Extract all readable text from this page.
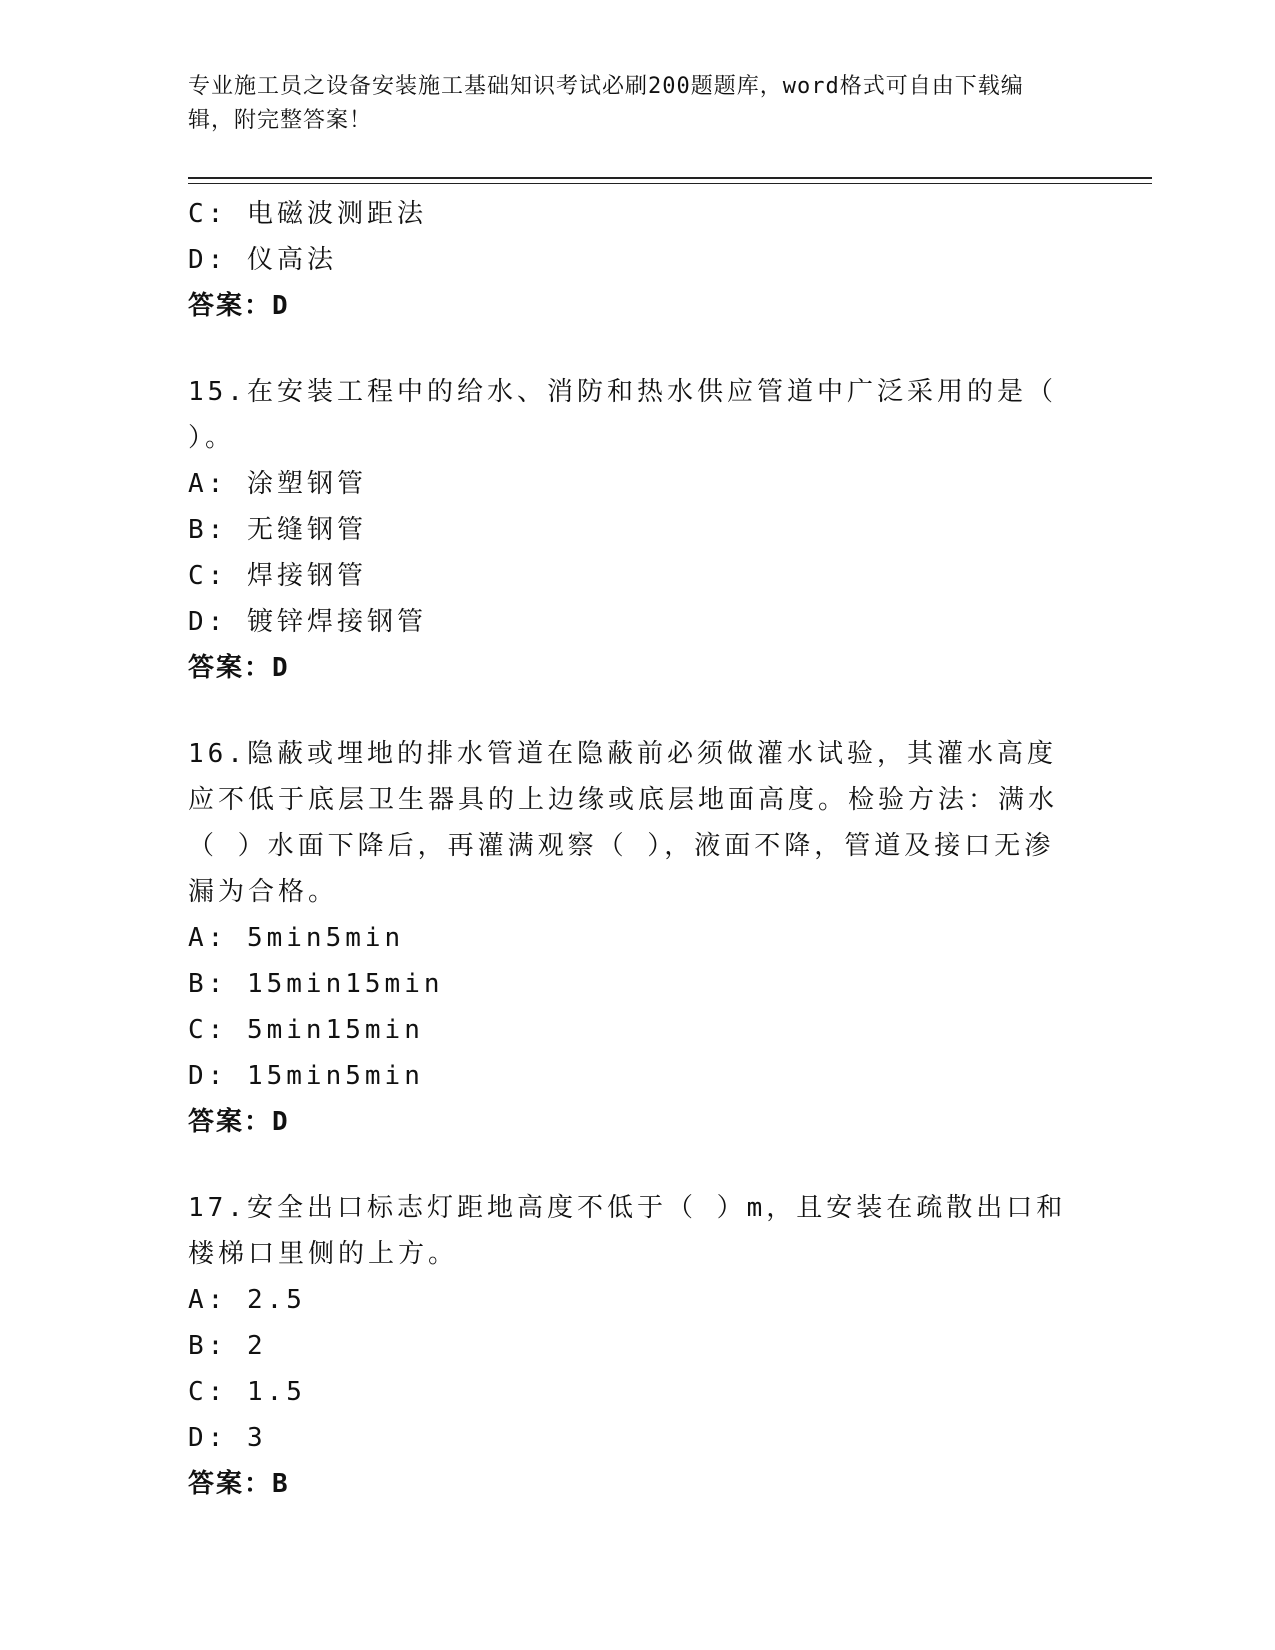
专业施工员之设备安装施工基础知识考试必刷200题题库，word格式可自由下载编辑，附完整答案！
C: 电磁波测距法
D: 仪高法
答案：D
15.在安装工程中的给水、消防和热水供应管道中广泛采用的是（ ）。
A: 涂塑钢管
B: 无缝钢管
C: 焊接钢管
D: 镀锌焊接钢管
答案：D
16.隐蔽或埋地的排水管道在隐蔽前必须做灌水试验，其灌水高度应不低于底层卫生器具的上边缘或底层地面高度。检验方法：满水（ ）水面下降后，再灌满观察（ ），液面不降，管道及接口无渗漏为合格。
A: 5min5min
B: 15min15min
C: 5min15min
D: 15min5min
答案：D
17.安全出口标志灯距地高度不低于（ ）m，且安装在疏散出口和楼梯口里侧的上方。
A: 2.5
B: 2
C: 1.5
D: 3
答案：B
